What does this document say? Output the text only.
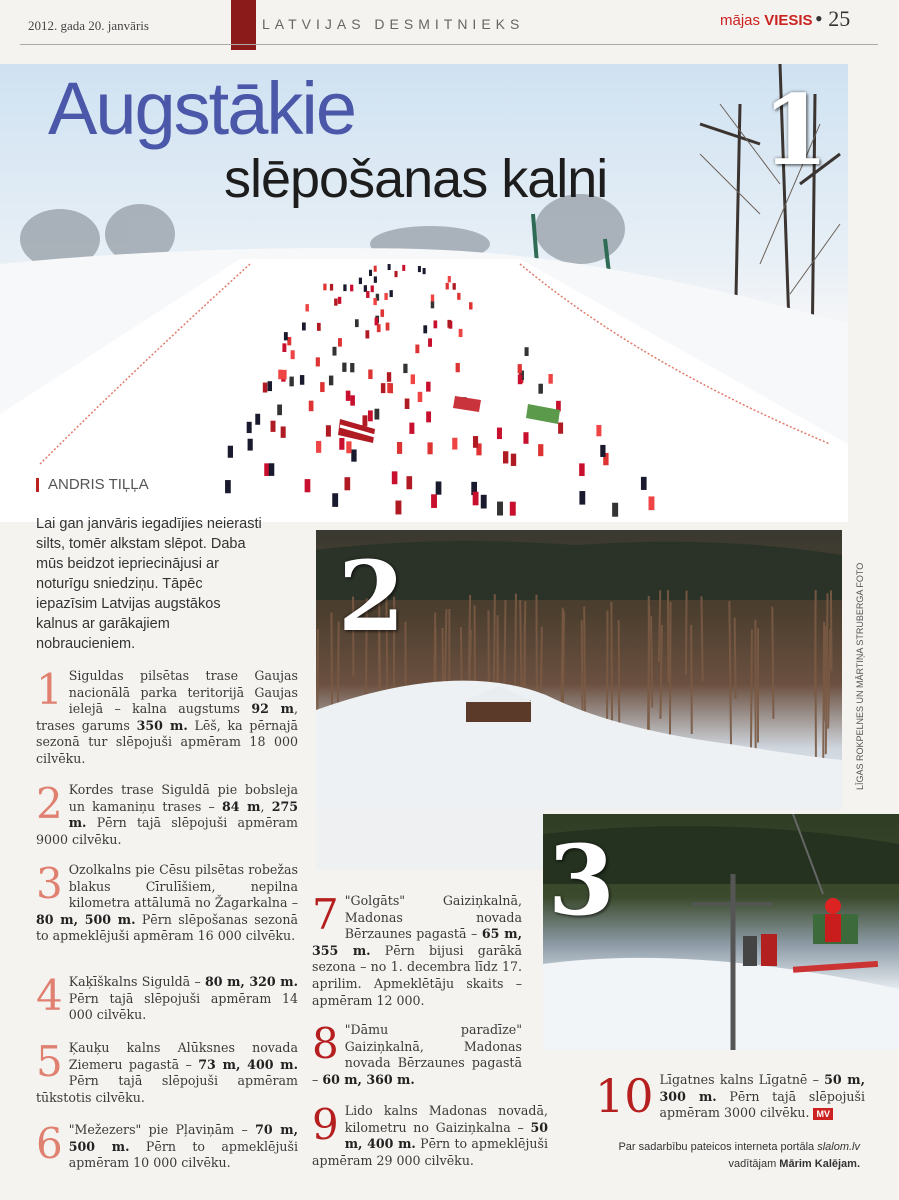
2012. gada 20. janvāris	LATVIJAS DESMITNIEKS	mājas VIESIS • 25
Augstākie
slēpošanas kalni 1
ANDRIS TIĻĻA
Lai gan janvāris iegadījies neierasti silts, tomēr alkstam slēpot. Daba mūs beidzot iepriecinājusi ar noturīgu sniedziņu. Tāpēc iepazīsim Latvijas augstākos kalnus ar garākajiem nobraucieniem.	2	LĪGAS ROKPELNES UN MĀRTIŅA STRUBERGA FOTO
3
1 Siguldas pilsētas trase Gaujas nacionālā parka teritorijā Gaujas ielejā – kalna augstums 92 m, trases garums 350 m. Lēš, ka pērnajā sezonā tur slēpojuši apmēram 18 000 cilvēku.
2 Kordes trase Siguldā pie bobsleja un kamaniņu trases – 84 m, 275 m. Pērn tajā slēpojuši apmēram 9000 cilvēku.
3 Ozolkalns pie Cēsu pilsētas robežas blakus Cīrulīšiem, nepilna kilometra attālumā no Žagarkalna – 80 m, 500 m. Pērn slēpošanas sezonā to apmeklējuši apmēram 16 000 cilvēku.
4 Kaķīškalns Siguldā – 80 m, 320 m. Pērn tajā slēpojuši apmēram 14 000 cilvēku.
5 Ķauķu kalns Alūksnes novada Ziemeru pagastā – 73 m, 400 m. Pērn tajā slēpojuši apmēram tūkstotis cilvēku.
6 "Mežezers" pie Pļaviņām – 70 m, 500 m. Pērn to apmeklējuši apmēram 10 000 cilvēku.
7 "Golgāts" Gaiziņkalnā, Madonas novada Bērzaunes pagastā – 65 m, 355 m. Pērn bijusi garākā sezona – no 1. decembra līdz 17. aprilim. Apmeklētāju skaits – apmēram 12 000.
8 "Dāmu paradīze" Gaiziņkalnā, Madonas novada Bērzaunes pagastā – 60 m, 360 m.
9 Lido kalns Madonas novadā, kilometru no Gaiziņkalna – 50 m, 400 m. Pērn to apmeklējuši apmēram 29 000 cilvēku.
10 Līgatnes kalns Līgatnē – 50 m, 300 m. Pērn tajā slēpojuši apmēram 3000 cilvēku. MV
Par sadarbību pateicos interneta portāla slalom.lv
vadītājam Mārim Kalējam.
